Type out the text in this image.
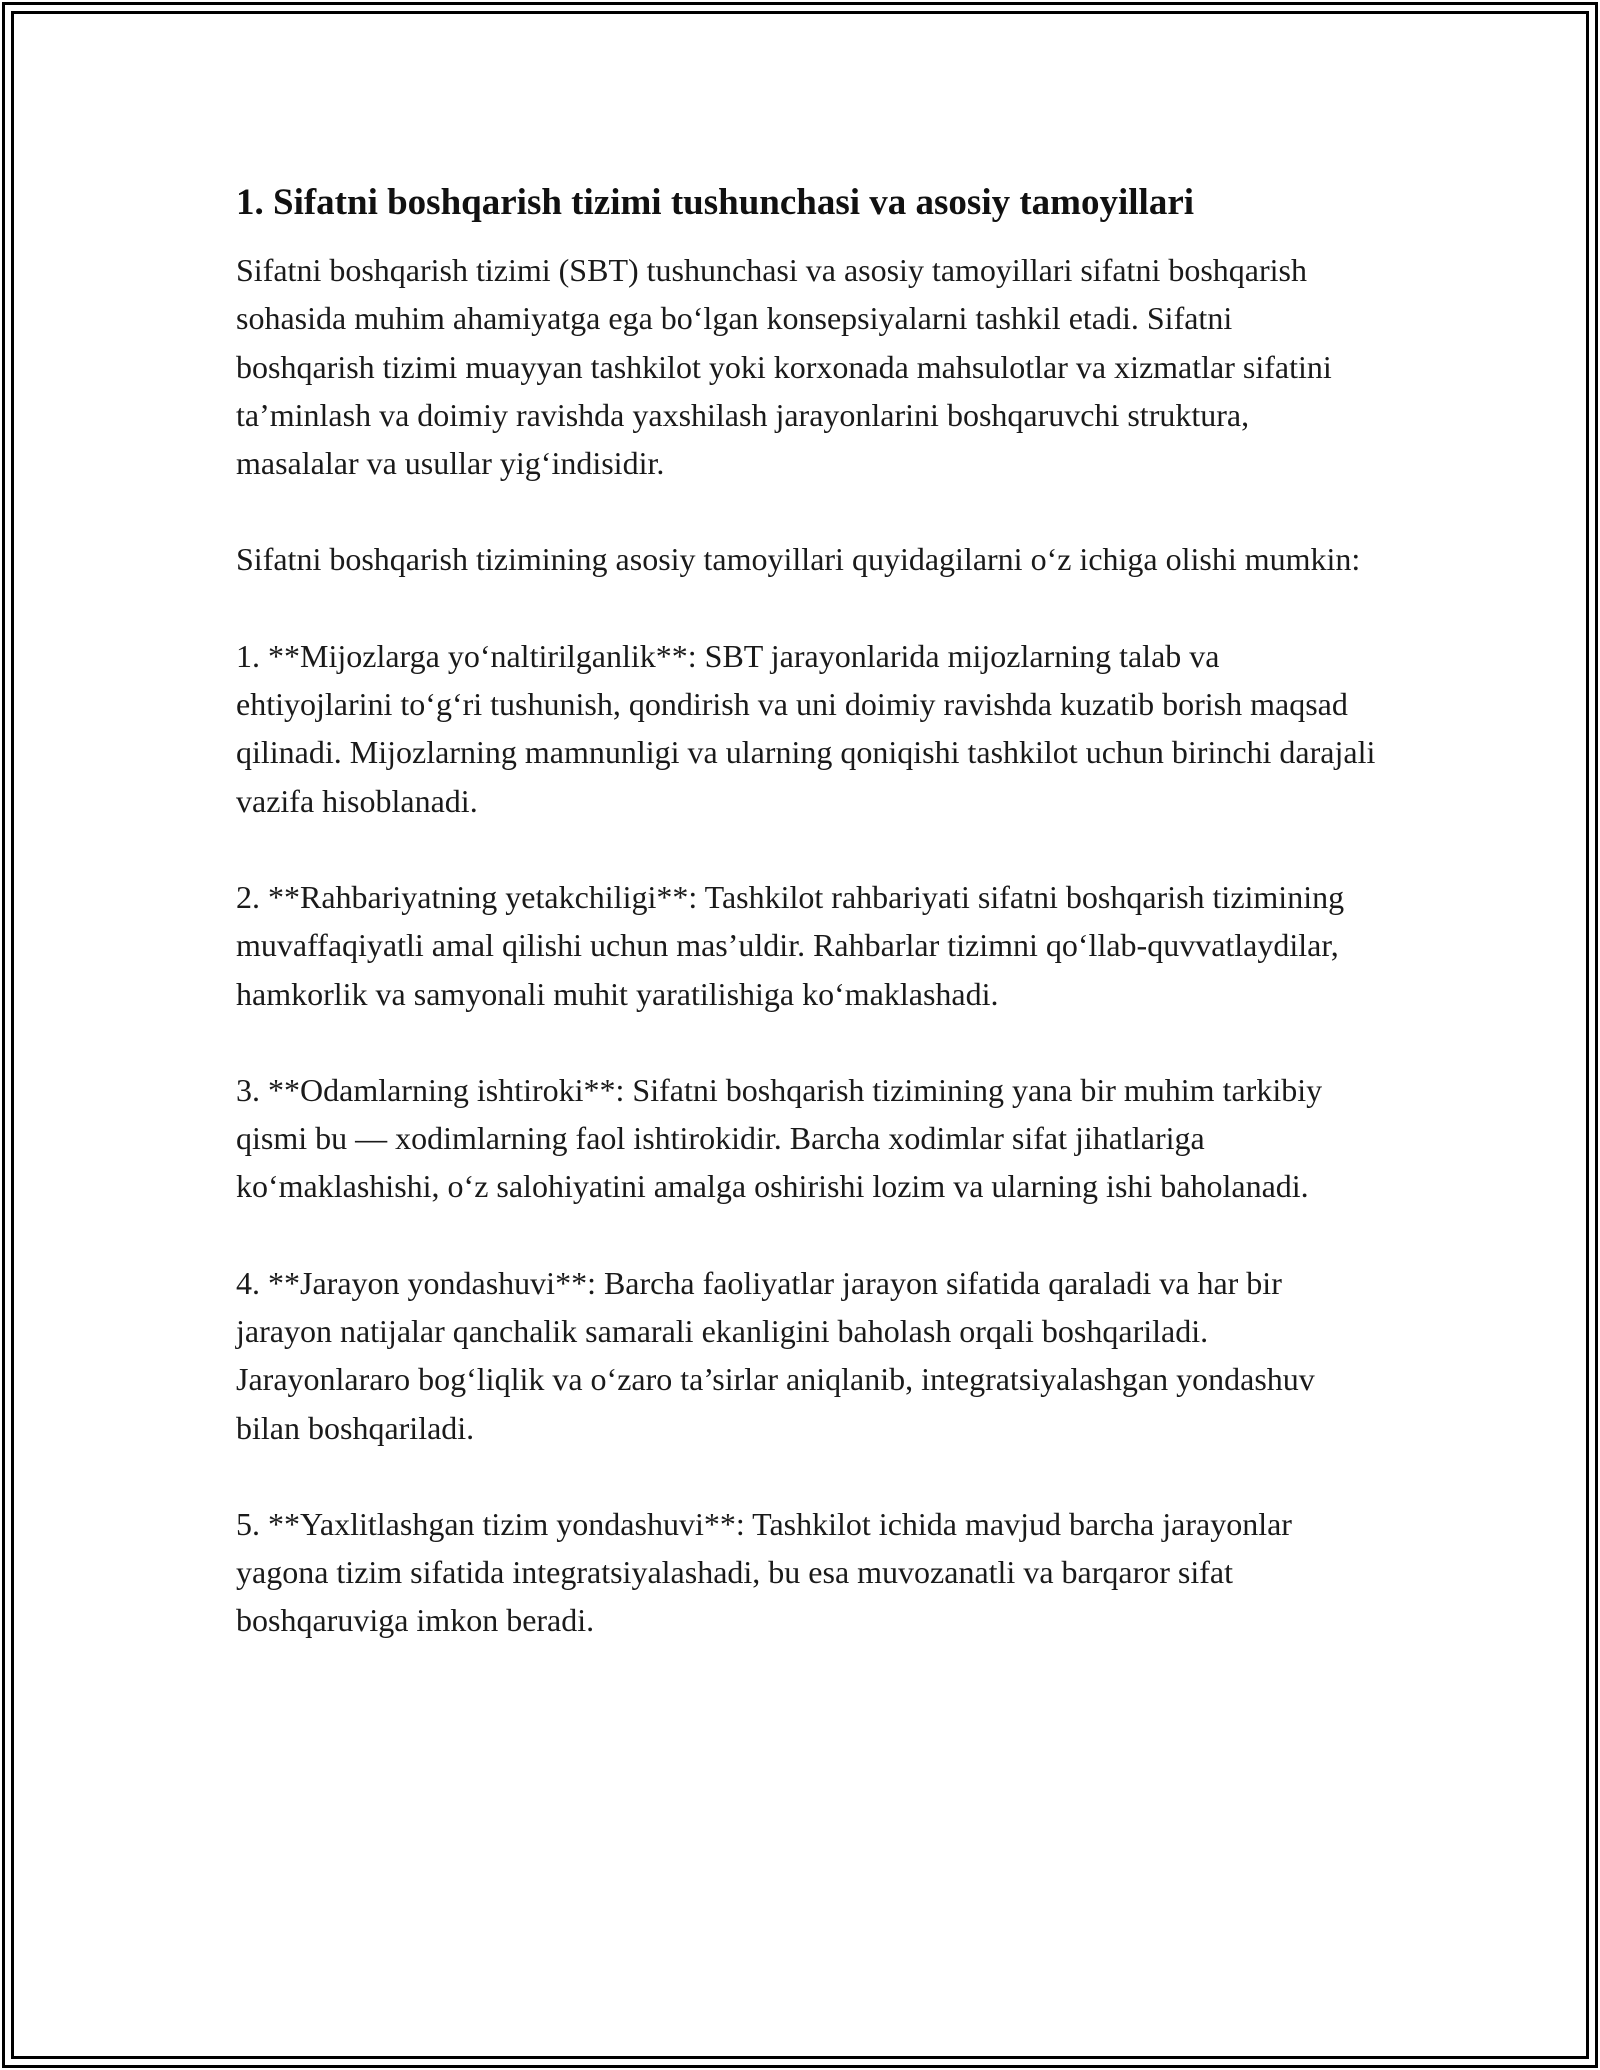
1. Sifatni boshqarish tizimi tushunchasi va asosiy tamoyillari

Sifatni boshqarish tizimi (SBT) tushunchasi va asosiy tamoyillari sifatni boshqarish sohasida muhim ahamiyatga ega bo‘lgan konsepsiyalarni tashkil etadi. Sifatni boshqarish tizimi muayyan tashkilot yoki korxonada mahsulotlar va xizmatlar sifatini ta’minlash va doimiy ravishda yaxshilash jarayonlarini boshqaruvchi struktura, masalalar va usullar yig‘indisidir.

Sifatni boshqarish tizimining asosiy tamoyillari quyidagilarni o‘z ichiga olishi mumkin:

1. **Mijozlarga yo‘naltirilganlik**: SBT jarayonlarida mijozlarning talab va ehtiyojlarini to‘g‘ri tushunish, qondirish va uni doimiy ravishda kuzatib borish maqsad qilinadi. Mijozlarning mamnunligi va ularning qoniqishi tashkilot uchun birinchi darajali vazifa hisoblanadi.

2. **Rahbariyatning yetakchiligi**: Tashkilot rahbariyati sifatni boshqarish tizimining muvaffaqiyatli amal qilishi uchun mas’uldir. Rahbarlar tizimni qo‘llab-quvvatlaydilar, hamkorlik va samyonali muhit yaratilishiga ko‘maklashadi.

3. **Odamlarning ishtiroki**: Sifatni boshqarish tizimining yana bir muhim tarkibiy qismi bu — xodimlarning faol ishtirokidir. Barcha xodimlar sifat jihatlariga ko‘maklashishi, o‘z salohiyatini amalga oshirishi lozim va ularning ishi baholanadi.

4. **Jarayon yondashuvi**: Barcha faoliyatlar jarayon sifatida qaraladi va har bir jarayon natijalar qanchalik samarali ekanligini baholash orqali boshqariladi. Jarayonlararo bog‘liqlik va o‘zaro ta’sirlar aniqlanib, integratsiyalashgan yondashuv bilan boshqariladi.

5. **Yaxlitlashgan tizim yondashuvi**: Tashkilot ichida mavjud barcha jarayonlar yagona tizim sifatida integratsiyalashadi, bu esa muvozanatli va barqaror sifat boshqaruviga imkon beradi.
